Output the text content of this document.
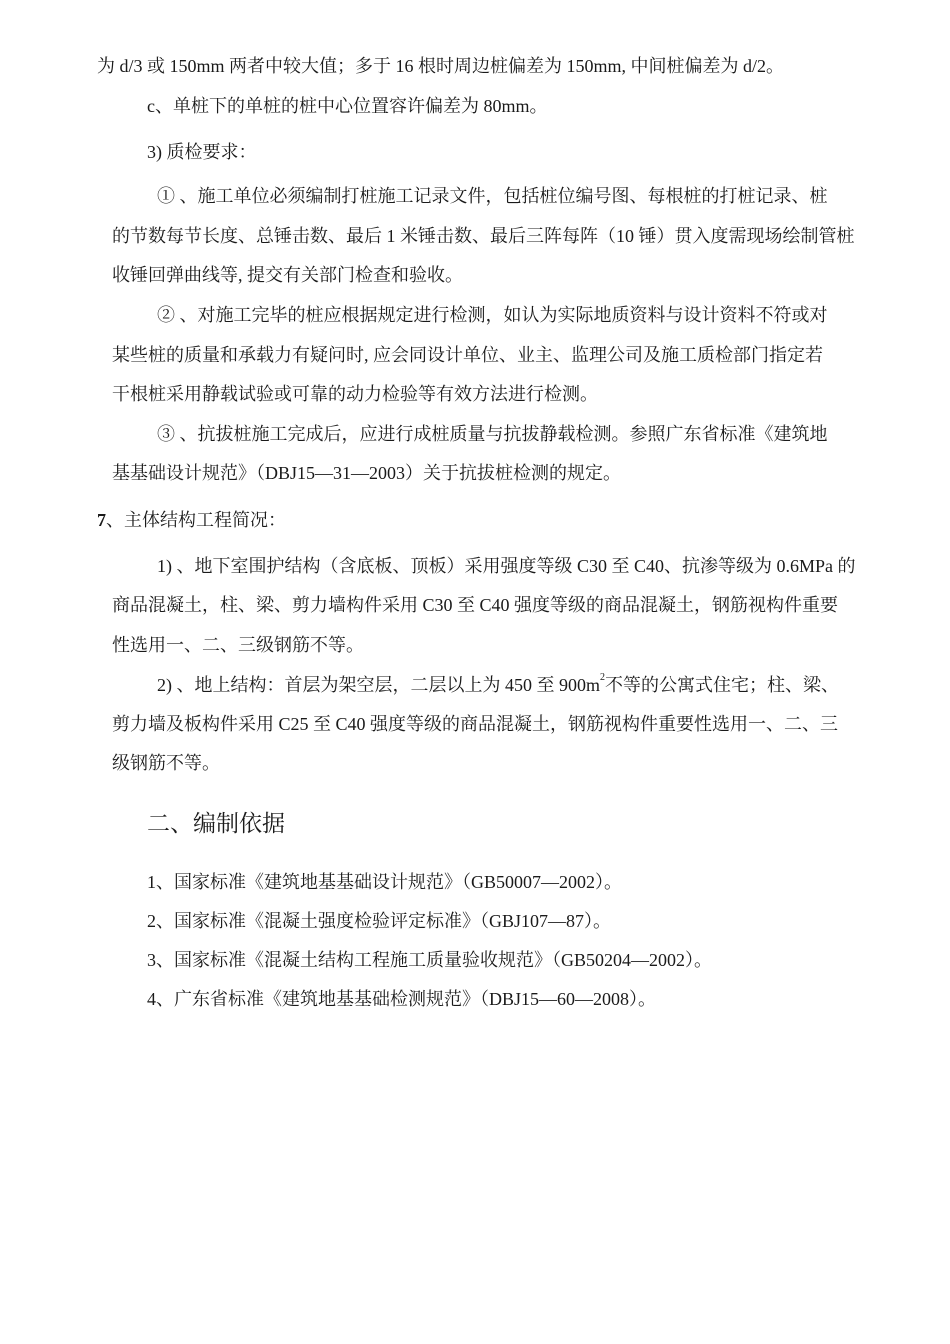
为 d/3 或 150mm 两者中较大值；多于 16 根时周边桩偏差为 150mm, 中间桩偏差为 d/2。
c、单桩下的单桩的桩中心位置容许偏差为 80mm。
3) 质检要求：
① 、施工单位必须编制打桩施工记录文件，包括桩位编号图、每根桩的打桩记录、桩
的节数每节长度、总锤击数、最后 1 米锤击数、最后三阵每阵（10 锤）贯入度需现场绘制管桩
收锤回弹曲线等, 提交有关部门检查和验收。
② 、对施工完毕的桩应根据规定进行检测，如认为实际地质资料与设计资料不符或对
某些桩的质量和承载力有疑问时, 应会同设计单位、业主、监理公司及施工质检部门指定若
干根桩采用静载试验或可靠的动力检验等有效方法进行检测。
③ 、抗拔桩施工完成后，应进行成桩质量与抗拔静载检测。参照广东省标准《建筑地
基基础设计规范》（DBJ15—31—2003）关于抗拔桩检测的规定。
7、主体结构工程简况：
1) 、地下室围护结构（含底板、顶板）采用强度等级 C30 至 C40、抗渗等级为 0.6MPa 的
商品混凝土，柱、梁、剪力墙构件采用 C30 至 C40 强度等级的商品混凝土，钢筋视构件重要
性选用一、二、三级钢筋不等。
2) 、地上结构：首层为架空层，二层以上为 450 至 $900m^2$不等的公寓式住宅；柱、梁、
剪力墙及板构件采用 C25 至 C40 强度等级的商品混凝土，钢筋视构件重要性选用一、二、三
级钢筋不等。
二、编制依据
1、国家标准《建筑地基基础设计规范》（GB50007—2002）。
2、国家标准《混凝土强度检验评定标准》（GBJ107—87）。
3、国家标准《混凝土结构工程施工质量验收规范》（GB50204—2002）。
4、广东省标准《建筑地基基础检测规范》（DBJ15—60—2008）。
